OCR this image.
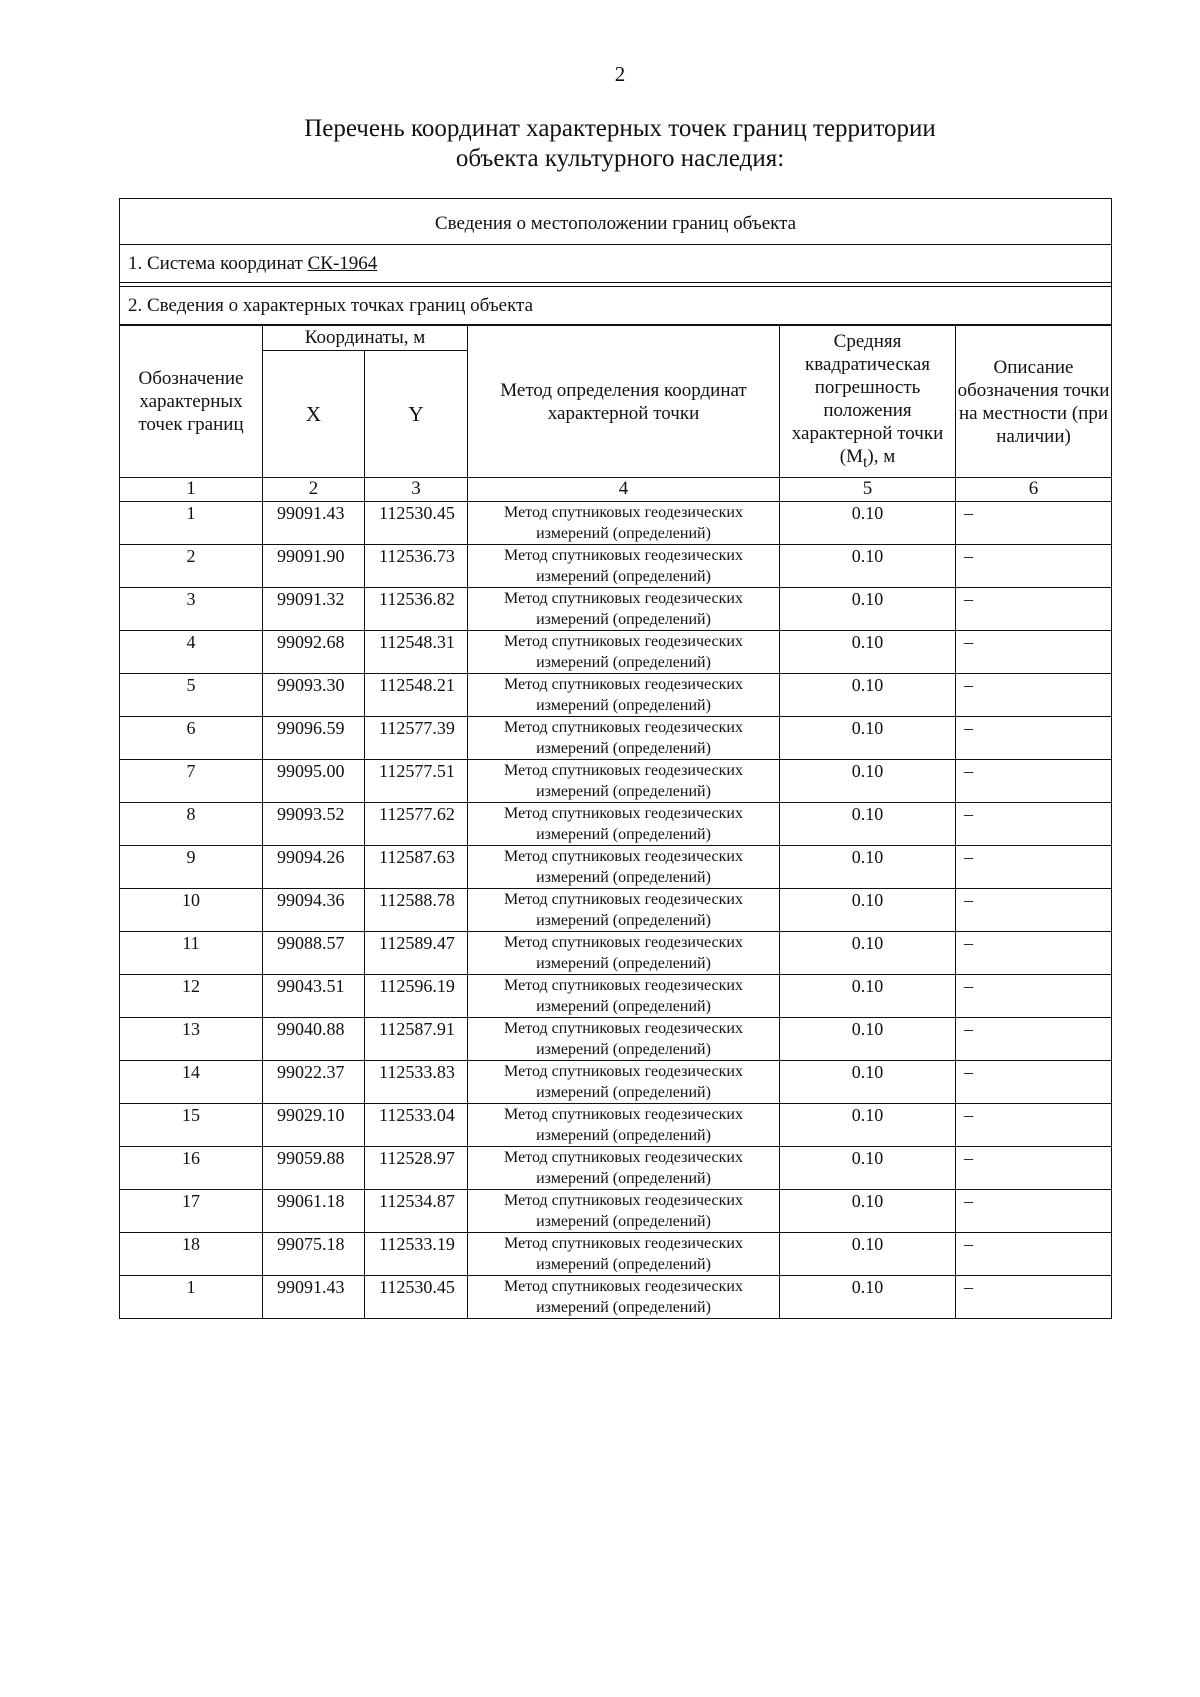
2
Перечень координат характерных точек границ территории
объекта культурного наследия:
Сведения о местоположении границ объекта
1. Система координат СК-1964
2. Сведения о характерных точках границ объекта
Обозначение характерных точек границ	Координаты, м		Метод определения координат характерной точки	Средняя квадратическая погрешность положения характерной точки $(M_t)$, м	Описание обозначения точки на местности (при наличии)
	X	Y			
1	2	3	4	5	6
1	99091.43	112530.45	Метод спутниковых геодезических измерений (определений)	0.10	–
2	99091.90	112536.73	Метод спутниковых геодезических измерений (определений)	0.10	–
3	99091.32	112536.82	Метод спутниковых геодезических измерений (определений)	0.10	–
4	99092.68	112548.31	Метод спутниковых геодезических измерений (определений)	0.10	–
5	99093.30	112548.21	Метод спутниковых геодезических измерений (определений)	0.10	–
6	99096.59	112577.39	Метод спутниковых геодезических измерений (определений)	0.10	–
7	99095.00	112577.51	Метод спутниковых геодезических измерений (определений)	0.10	–
8	99093.52	112577.62	Метод спутниковых геодезических измерений (определений)	0.10	–
9	99094.26	112587.63	Метод спутниковых геодезических измерений (определений)	0.10	–
10	99094.36	112588.78	Метод спутниковых геодезических измерений (определений)	0.10	–
11	99088.57	112589.47	Метод спутниковых геодезических измерений (определений)	0.10	–
12	99043.51	112596.19	Метод спутниковых геодезических измерений (определений)	0.10	–
13	99040.88	112587.91	Метод спутниковых геодезических измерений (определений)	0.10	–
14	99022.37	112533.83	Метод спутниковых геодезических измерений (определений)	0.10	–
15	99029.10	112533.04	Метод спутниковых геодезических измерений (определений)	0.10	–
16	99059.88	112528.97	Метод спутниковых геодезических измерений (определений)	0.10	–
17	99061.18	112534.87	Метод спутниковых геодезических измерений (определений)	0.10	–
18	99075.18	112533.19	Метод спутниковых геодезических измерений (определений)	0.10	–
1	99091.43	112530.45	Метод спутниковых геодезических измерений (определений)	0.10	–
